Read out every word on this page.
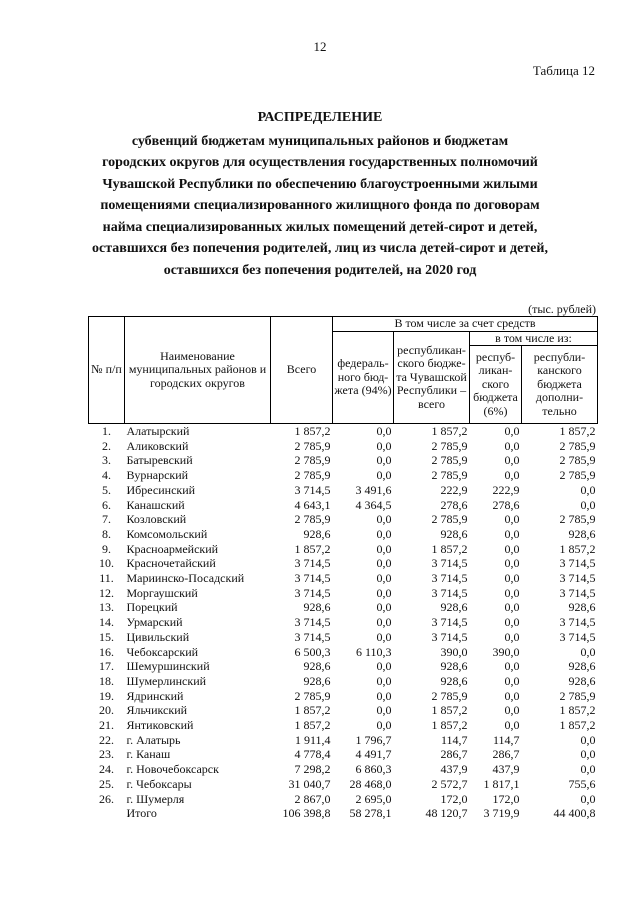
12
Таблица 12
РАСПРЕДЕЛЕНИЕ
субвенций бюджетам муниципальных районов и бюджетам
городских округов для осуществления государственных полномочий
Чувашской Республики по обеспечению благоустроенными жилыми
помещениями специализированного жилищного фонда по договорам
найма специализированных жилых помещений детей-сирот и детей,
оставшихся без попечения родителей, лиц из числа детей-сирот и детей,
оставшихся без попечения родителей, на 2020 год
(тыс. рублей)
№ п/п	Наименование муниципальных районов и городских округов	Всего	В том числе за счет средств			
			федераль-ного бюд-жета (94%)	республикан-ского бюдже-та Чувашской Республики – всего	в том числе из:	
					респуб-ликан-ского бюджета (6%)	республи-канского бюджета дополни-тельно
1.	Алатырский	1 857,2	0,0	1 857,2	0,0	1 857,2
2.	Аликовский	2 785,9	0,0	2 785,9	0,0	2 785,9
3.	Батыревский	2 785,9	0,0	2 785,9	0,0	2 785,9
4.	Вурнарский	2 785,9	0,0	2 785,9	0,0	2 785,9
5.	Ибресинский	3 714,5	3 491,6	222,9	222,9	0,0
6.	Канашский	4 643,1	4 364,5	278,6	278,6	0,0
7.	Козловский	2 785,9	0,0	2 785,9	0,0	2 785,9
8.	Комсомольский	928,6	0,0	928,6	0,0	928,6
9.	Красноармейский	1 857,2	0,0	1 857,2	0,0	1 857,2
10.	Красночетайский	3 714,5	0,0	3 714,5	0,0	3 714,5
11.	Мариинско-Посадский	3 714,5	0,0	3 714,5	0,0	3 714,5
12.	Моргаушский	3 714,5	0,0	3 714,5	0,0	3 714,5
13.	Порецкий	928,6	0,0	928,6	0,0	928,6
14.	Урмарский	3 714,5	0,0	3 714,5	0,0	3 714,5
15.	Цивильский	3 714,5	0,0	3 714,5	0,0	3 714,5
16.	Чебоксарский	6 500,3	6 110,3	390,0	390,0	0,0
17.	Шемуршинский	928,6	0,0	928,6	0,0	928,6
18.	Шумерлинский	928,6	0,0	928,6	0,0	928,6
19.	Ядринский	2 785,9	0,0	2 785,9	0,0	2 785,9
20.	Яльчикский	1 857,2	0,0	1 857,2	0,0	1 857,2
21.	Янтиковский	1 857,2	0,0	1 857,2	0,0	1 857,2
22.	г. Алатырь	1 911,4	1 796,7	114,7	114,7	0,0
23.	г. Канаш	4 778,4	4 491,7	286,7	286,7	0,0
24.	г. Новочебоксарск	7 298,2	6 860,3	437,9	437,9	0,0
25.	г. Чебоксары	31 040,7	28 468,0	2 572,7	1 817,1	755,6
26.	г. Шумерля	2 867,0	2 695,0	172,0	172,0	0,0
	Итого	106 398,8	58 278,1	48 120,7	3 719,9	44 400,8
